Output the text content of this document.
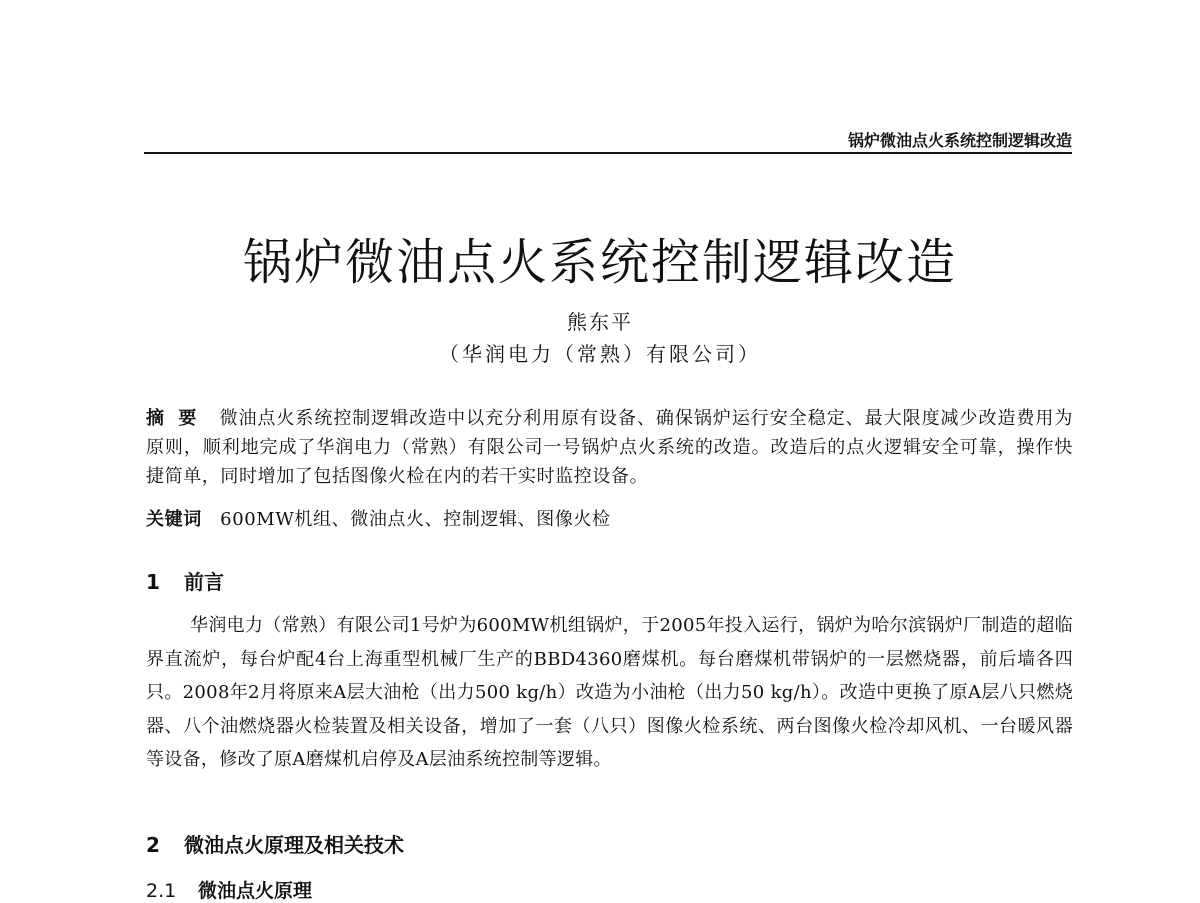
锅炉微油点火系统控制逻辑改造
锅炉微油点火系统控制逻辑改造
熊东平
（华润电力（常熟）有限公司）
摘要 微油点火系统控制逻辑改造中以充分利用原有设备、确保锅炉运行安全稳定、最大限度减少改造费用为原则，顺利地完成了华润电力（常熟）有限公司一号锅炉点火系统的改造。改造后的点火逻辑安全可靠，操作快捷简单，同时增加了包括图像火检在内的若干实时监控设备。
关键词 600MW机组、微油点火、控制逻辑、图像火检
1 前言

华润电力（常熟）有限公司1号炉为600MW机组锅炉，于2005年投入运行，锅炉为哈尔滨锅炉厂制造的超临界直流炉，每台炉配4台上海重型机械厂生产的BBD4360磨煤机。每台磨煤机带锅炉的一层燃烧器，前后墙各四只。2008年2月将原来A层大油枪（出力500 kg/h）改造为小油枪（出力50 kg/h）。改造中更换了原A层八只燃烧器、八个油燃烧器火检装置及相关设备，增加了一套（八只）图像火检系统、两台图像火检冷却风机、一台暖风器等设备，修改了原A磨煤机启停及A层油系统控制等逻辑。

2 微油点火原理及相关技术
2.1 微油点火原理
